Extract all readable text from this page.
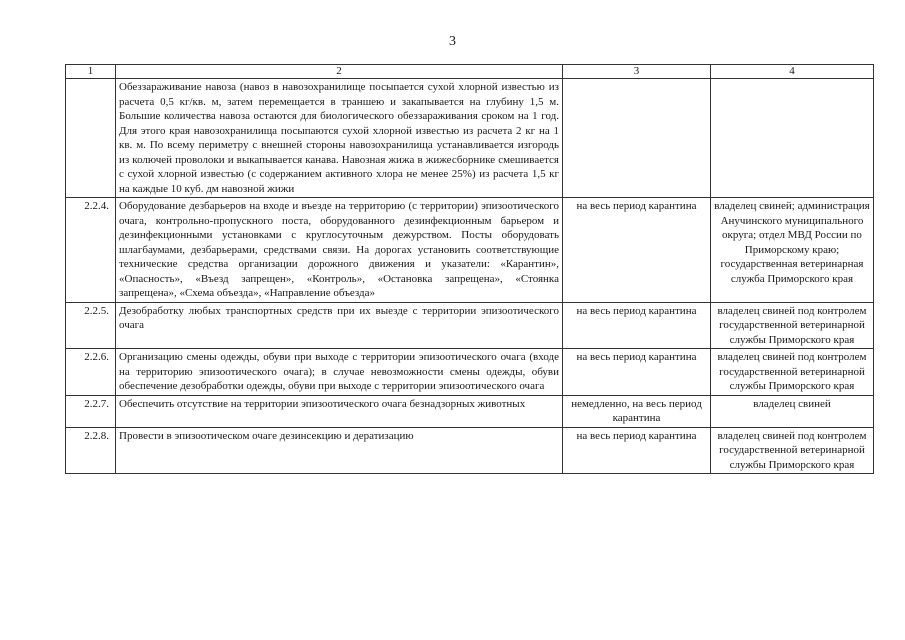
3
1	2	3	4
	Обеззараживание навоза (навоз в навозохранилище посыпается сухой хлорной известью из расчета 0,5 кг/кв. м, затем перемещается в траншею и закапывается на глубину 1,5 м. Большие количества навоза остаются для биологического обеззараживания сроком на 1 год. Для этого края навозохранилища посыпаются сухой хлорной известью из расчета 2 кг на 1 кв. м. По всему периметру с внешней стороны навозохранилища устанавливается изгородь из колючей проволоки и выкапывается канава. Навозная жижа в жижесборнике смешивается с сухой хлорной известью (с содержанием активного хлора не менее 25%) из расчета 1,5 кг на каждые 10 куб. дм навозной жижи		
2.2.4.	Оборудование дезбарьеров на входе и въезде на территорию (с территории) эпизоотического очага, контрольно-пропускного поста, оборудованного дезинфекционным барьером и дезинфекционными установками с круглосуточным дежурством. Посты оборудовать шлагбаумами, дезбарьерами, средствами связи. На дорогах установить соответствующие технические средства организации дорожного движения и указатели: «Карантин», «Опасность», «Въезд запрещен», «Контроль», «Остановка запрещена», «Стоянка запрещена», «Схема объезда», «Направление объезда»	на весь период карантина	владелец свиней; администрация Анучинского муниципального округа; отдел МВД России по Приморскому краю; государственная ветеринарная служба Приморского края
2.2.5.	Дезобработку любых транспортных средств при их выезде с территории эпизоотического очага	на весь период карантина	владелец свиней под контролем государственной ветеринарной службы Приморского края
2.2.6.	Организацию смены одежды, обуви при выходе с территории эпизоотического очага (входе на территорию эпизоотического очага); в случае невозможности смены одежды, обуви обеспечение дезобработки одежды, обуви при выходе с территории эпизоотического очага	на весь период карантина	владелец свиней под контролем государственной ветеринарной службы Приморского края
2.2.7.	Обеспечить отсутствие на территории эпизоотического очага безнадзорных животных	немедленно, на весь период карантина	владелец свиней
2.2.8.	Провести в эпизоотическом очаге дезинсекцию и дератизацию	на весь период карантина	владелец свиней под контролем государственной ветеринарной службы Приморского края
